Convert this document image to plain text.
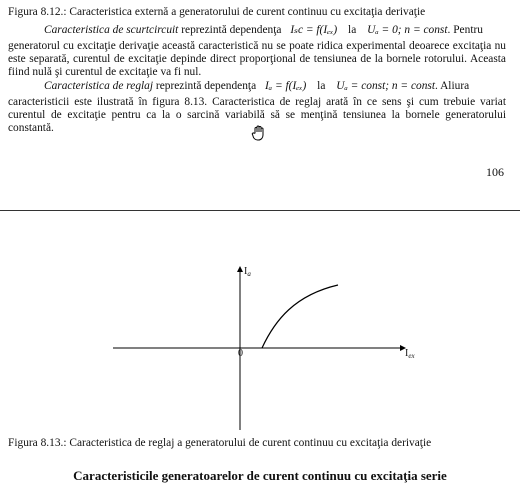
Figura 8.12.: Caracteristica externă a generatorului de curent continuu cu excitaţia derivaţie
Caracteristica de scurtcircuit reprezintă dependenţa Iₛc = f(Iₑₓ) la Uₐ = 0; n = const. Pentru
generatorul cu excitaţie derivaţie această caracteristică nu se poate ridica experimental deoarece excitaţia nu
este separată, curentul de excitaţie depinde direct proporţional de tensiunea de la bornele rotorului. Aceasta
fiind nulă şi curentul de excitaţie va fi nul.
Caracteristica de reglaj reprezintă dependenţa Iₐ = f(Iₑₓ) la Uₐ = const; n = const. Aliura
caracteristicii este ilustrată în figura 8.13. Caracteristica de reglaj arată în ce sens şi cum trebuie variat
curentul de excitaţie pentru ca la o sarcină variabilă să se menţină tensiunea la bornele generatorului
constantă.
106
$I_a$
$I_{ex}$
0
Figura 8.13.: Caracteristica de reglaj a generatorului de curent continuu cu excitaţia derivaţie
Caracteristicile generatoarelor de curent continuu cu excitaţia serie
